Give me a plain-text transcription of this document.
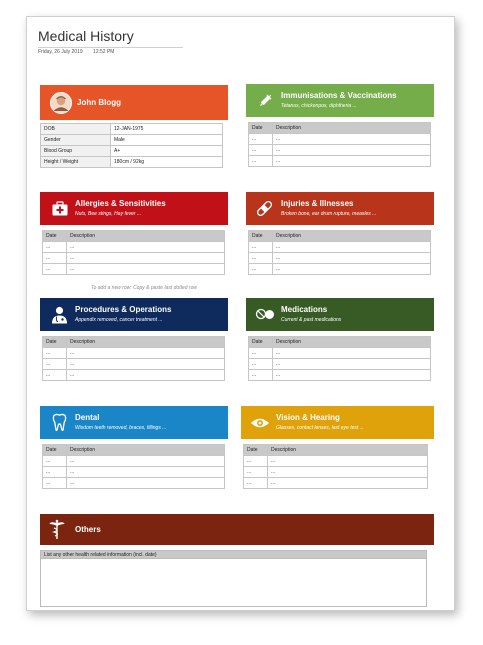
Medical History
Friday, 26 July 2019 12:52 PM
John Blogg
DOB	12-JAN-1975
Gender	Male
Blood Group	A+
Height / Weight	180cm / 92kg
Immunisations & Vaccinations
Tetanus, chickenpox, diphtheria ...
Date	Description
...	...
...	...
...	...
Allergies & Sensitivities
Nuts, Bee stings, Hay fever ...
Date	Description
...	...
...	...
...	...
Injuries & Illnesses
Broken bone, ear drum rupture, measles ...
Date	Description
...	...
...	...
...	...
To add a new row: Copy & paste last dotted row
Procedures & Operations
Appendix removed, cancer treatment ...
Date	Description
...	...
...	...
...	...
Medications
Current & past medications
Date	Description
...	...
...	...
...	...
Dental
Wisdom teeth removed, braces, fillings ...
Date	Description
...	...
...	...
...	...
Vision & Hearing
Glasses, contact lenses, last eye test ...
Date	Description
...	...
...	...
...	...
Others
List any other health related information (incl. date)
